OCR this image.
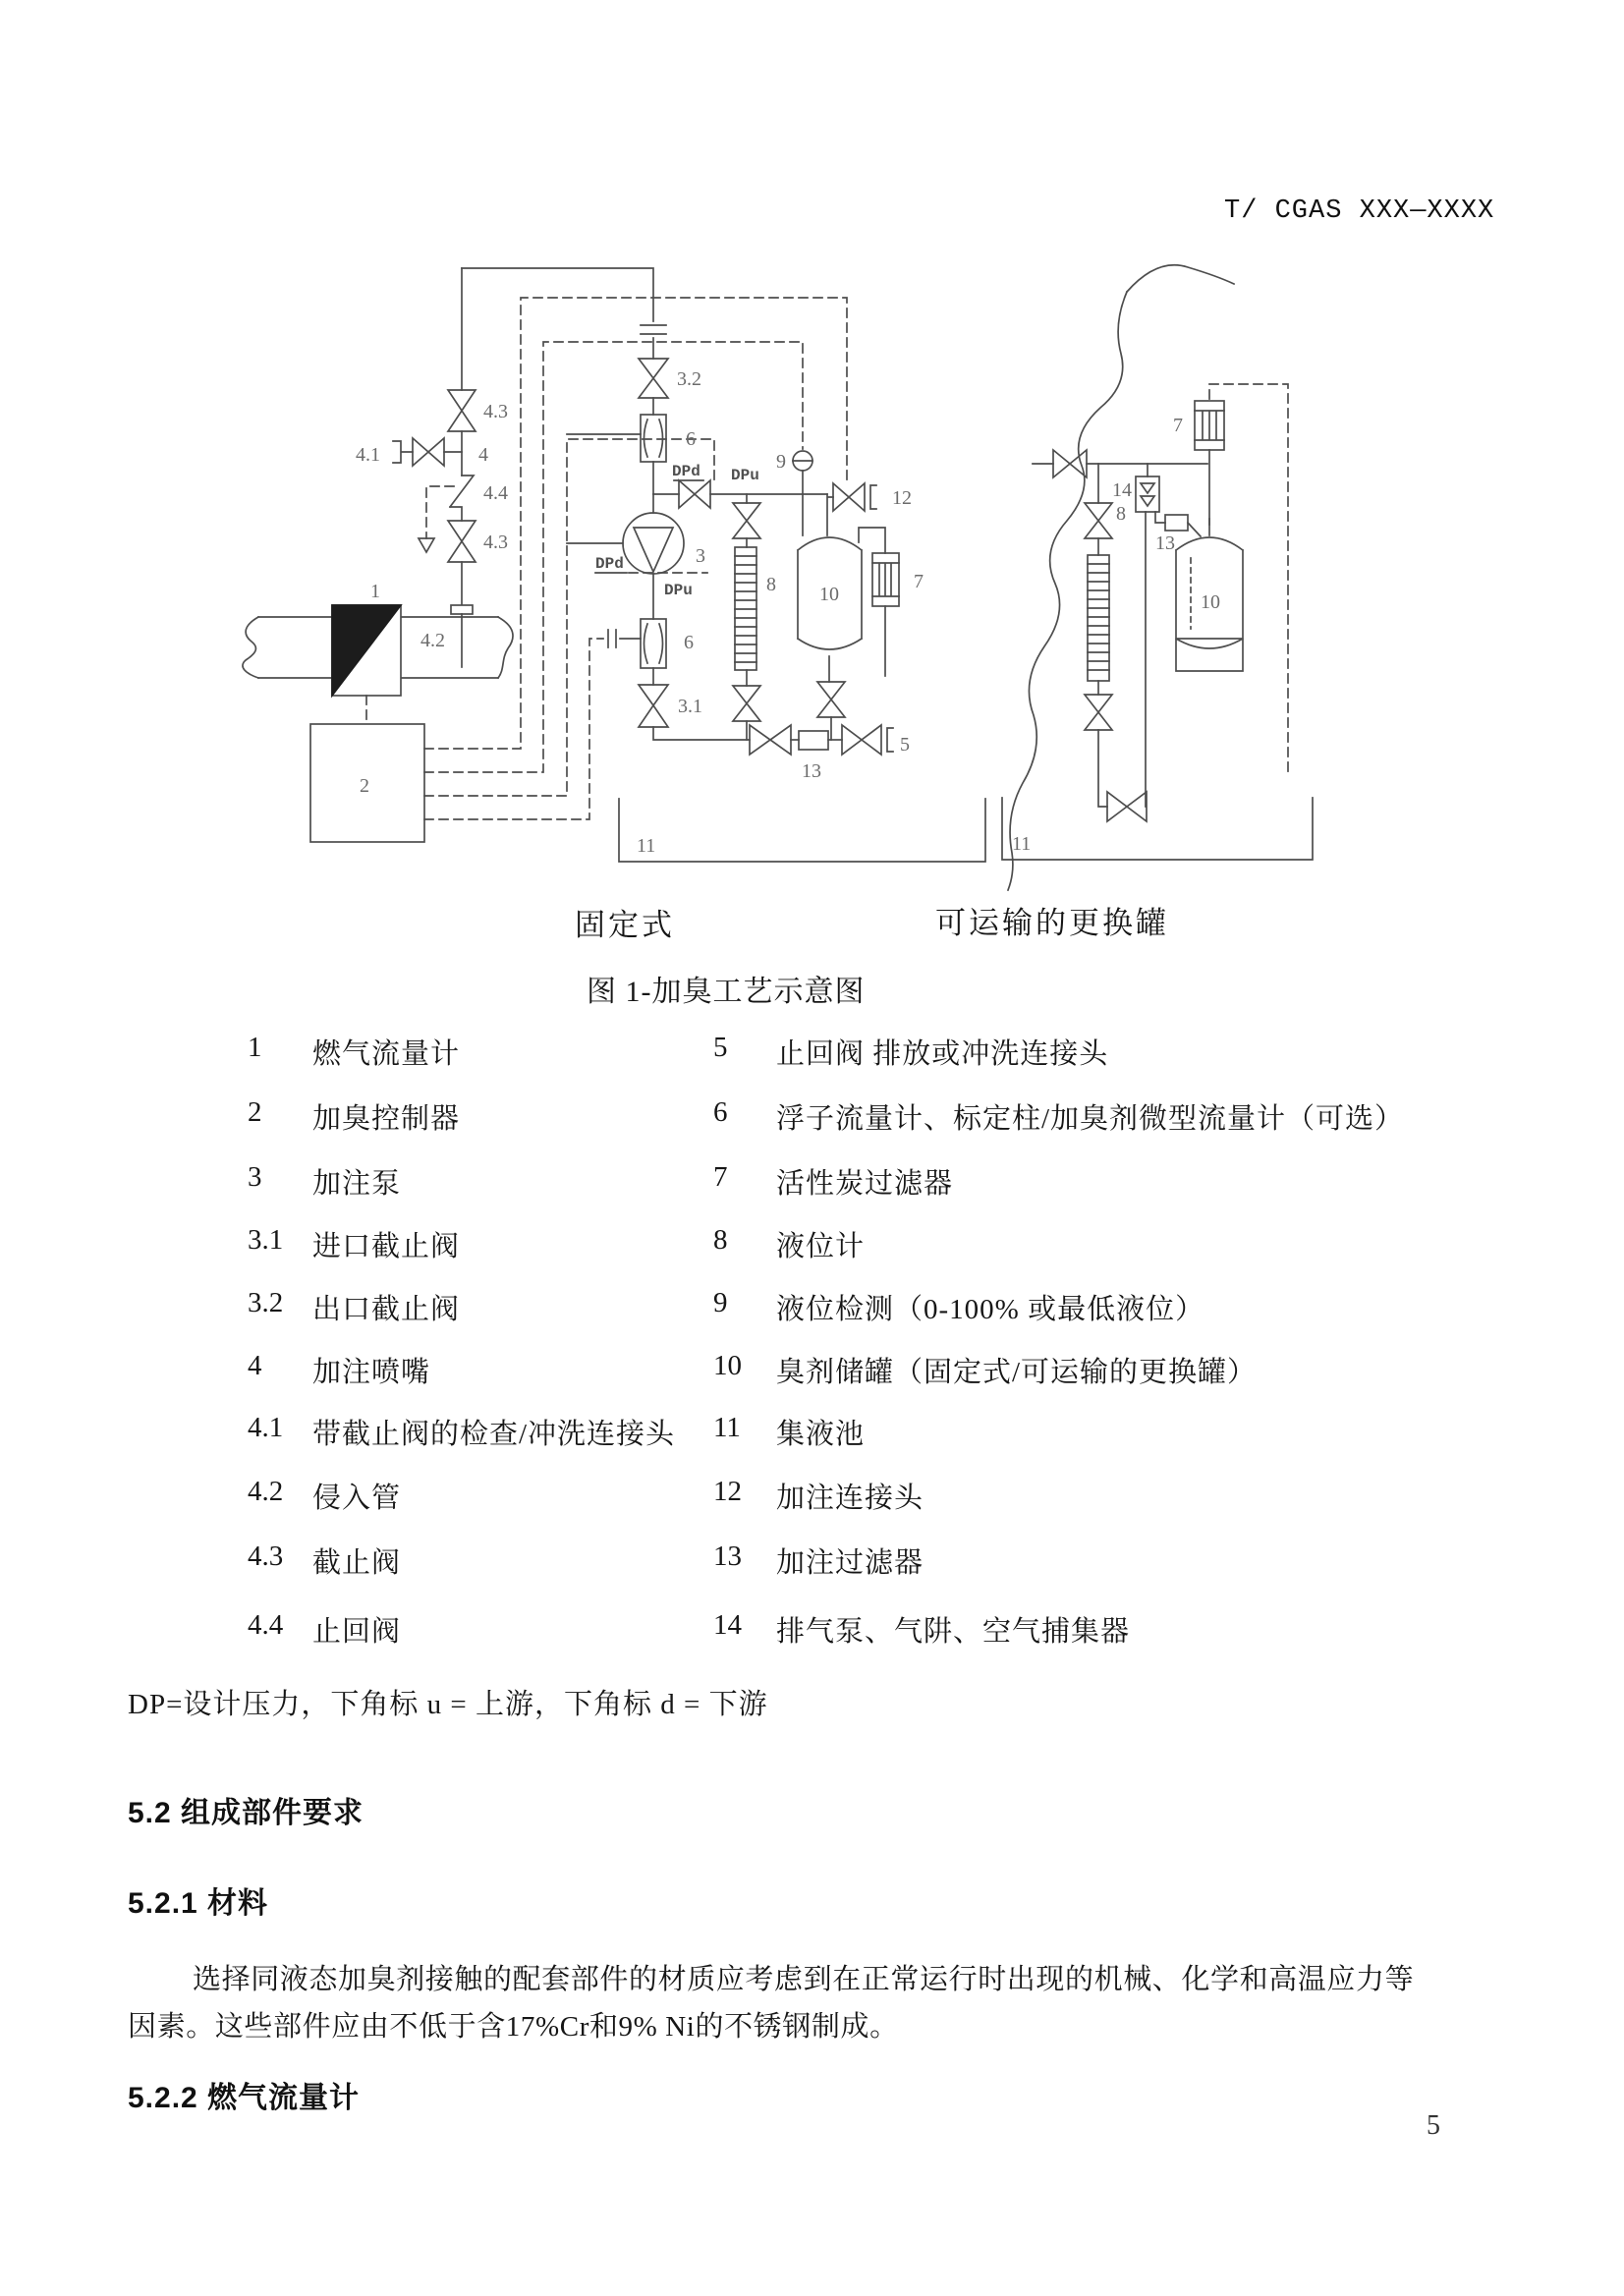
T/ CGAS XXX—XXXX
1
2
4.3
4.1	4
4.4
4.3
4.2
3.2
6
DPd DPu
9
12
3
DPd
DPu	8 10
7
6
3.1
13
5
11
7
14
8
13
10
11
固定式	可运输的更换罐
图 1-加臭工艺示意图
1 燃气流量计	5 止回阀 排放或冲洗连接头
2 加臭控制器	6 浮子流量计、标定柱/加臭剂微型流量计（可选）
3 加注泵	7 活性炭过滤器
3.1 进口截止阀	8 液位计
3.2 出口截止阀	9 液位检测（0-100% 或最低液位）
4 加注喷嘴	10 臭剂储罐（固定式/可运输的更换罐）
4.1 带截止阀的检查/冲洗连接头 11 集液池
4.2 侵入管	12 加注连接头
4.3 截止阀	13 加注过滤器
4.4 止回阀	14 排气泵、气阱、空气捕集器
DP=设计压力，下角标 u = 上游，下角标 d = 下游
5.2 组成部件要求
5.2.1 材料
选择同液态加臭剂接触的配套部件的材质应考虑到在正常运行时出现的机械、化学和高温应力等
因素。这些部件应由不低于含17%Cr和9% Ni的不锈钢制成。
5.2.2 燃气流量计
5
